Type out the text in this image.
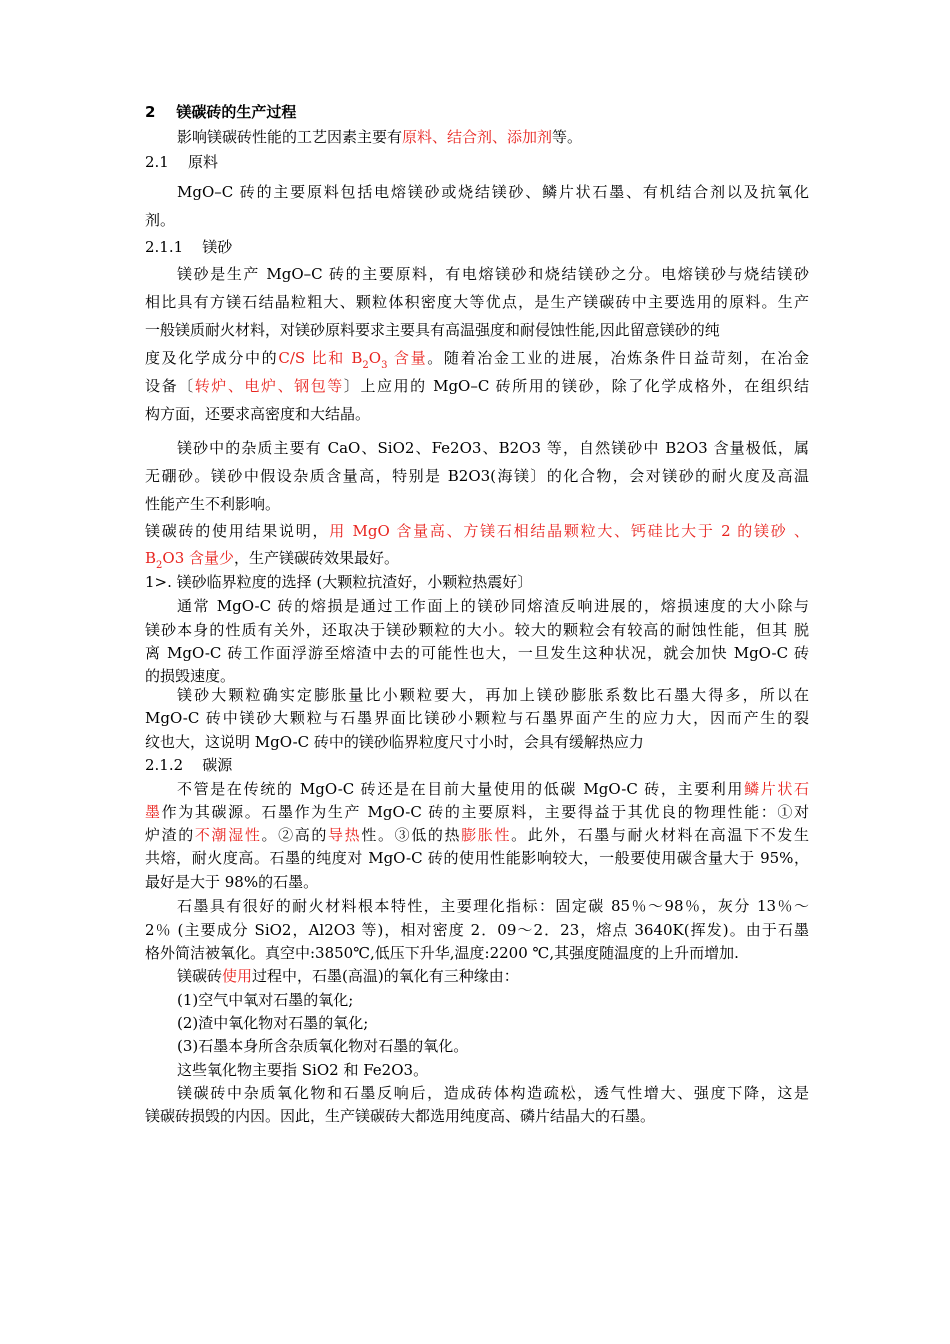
2 镁碳砖的生产过程
影响镁碳砖性能的工艺因素主要有原料、结合剂、添加剂等。
2.1 原料
MgO–C 砖的主要原料包括电熔镁砂或烧结镁砂、鳞片状石墨、有机结合剂以及抗氧化
剂。
2.1.1 镁砂
镁砂是生产 MgO–C 砖的主要原料，有电熔镁砂和烧结镁砂之分。电熔镁砂与烧结镁砂
相比具有方镁石结晶粒粗大、颗粒体积密度大等优点，是生产镁碳砖中主要选用的原料。生产
一般镁质耐火材料，对镁砂原料要求主要具有高温强度和耐侵蚀性能,因此留意镁砂的纯
度及化学成分中的C/S 比和 $B_2O_3$ 含量。随着冶金工业的进展，冶炼条件日益苛刻，在冶金
设备〔转炉、电炉、钢包等〕上应用的 MgO–C 砖所用的镁砂，除了化学成格外，在组织结
构方面，还要求高密度和大结晶。
镁砂中的杂质主要有 CaO、SiO2、Fe2O3、B2O3 等，自然镁砂中 B2O3 含量极低，属
无硼砂。镁砂中假设杂质含量高，特别是 B2O3(海镁〕的化合物，会对镁砂的耐火度及高温
性能产生不利影响。
镁碳砖的使用结果说明，用 MgO 含量高、方镁石相结晶颗粒大、钙硅比大于 2 的镁砂 、
$B_2O3$ 含量少，生产镁碳砖效果最好。
1>. 镁砂临界粒度的选择 (大颗粒抗渣好，小颗粒热震好〕
通常 MgO-C 砖的熔损是通过工作面上的镁砂同熔渣反响进展的，熔损速度的大小除与
镁砂本身的性质有关外，还取决于镁砂颗粒的大小。较大的颗粒会有较高的耐蚀性能，但其 脱
离 MgO-C 砖工作面浮游至熔渣中去的可能性也大，一旦发生这种状况，就会加快 MgO-C 砖
的损毁速度。
镁砂大颗粒确实定膨胀量比小颗粒要大，再加上镁砂膨胀系数比石墨大得多，所以在
MgO-C 砖中镁砂大颗粒与石墨界面比镁砂小颗粒与石墨界面产生的应力大，因而产生的裂
纹也大，这说明 MgO-C 砖中的镁砂临界粒度尺寸小时，会具有缓解热应力
2.1.2 碳源
不管是在传统的 MgO-C 砖还是在目前大量使用的低碳 MgO-C 砖，主要利用鳞片状石
墨作为其碳源。石墨作为生产 MgO-C 砖的主要原料，主要得益于其优良的物理性能：①对
炉渣的不潮湿性。②高的导热性。③低的热膨胀性。此外，石墨与耐火材料在高温下不发生
共熔，耐火度高。石墨的纯度对 MgO-C 砖的使用性能影响较大，一般要使用碳含量大于 95%，
最好是大于 98%的石墨。
石墨具有很好的耐火材料根本特性，主要理化指标：固定碳 85％～98％，灰分 13％～
2％ (主要成分 SiO2，Al2O3 等)，相对密度 2．09～2．23，熔点 3640K(挥发)。由于石墨
格外简洁被氧化。真空中:3850℃,低压下升华,温度:2200 ℃,其强度随温度的上升而增加.
镁碳砖使用过程中，石墨(高温)的氧化有三种缘由：
(1)空气中氧对石墨的氧化;
(2)渣中氧化物对石墨的氧化;
(3)石墨本身所含杂质氧化物对石墨的氧化。
这些氧化物主要指 SiO2 和 Fe2O3。
镁碳砖中杂质氧化物和石墨反响后，造成砖体构造疏松，透气性增大、强度下降，这是
镁碳砖损毁的内因。因此，生产镁碳砖大都选用纯度高、磷片结晶大的石墨。
